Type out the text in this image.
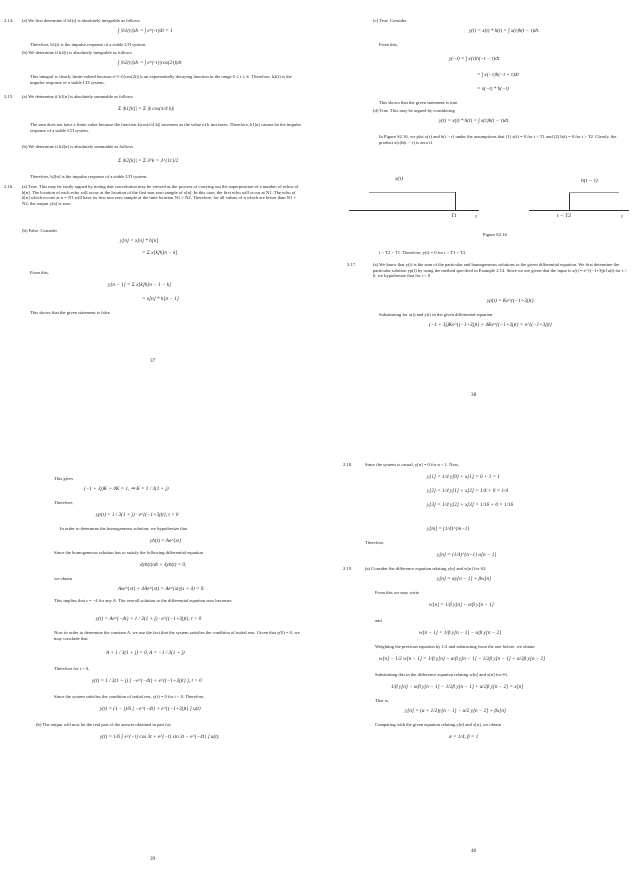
2.14. (a) We first determine if h1(t) is absolutely integrable as follows
∫ |h1(τ)|dτ = ∫ e^{-τ}dτ = 1
Therefore, h1(t) is the impulse response of a stable LTI system.
(b) We determine if h2(t) is absolutely integrable as follows
∫ |h2(τ)|dτ = ∫ e^{-τ}|cos(2τ)|dτ
This integral is clearly finite-valued because e^{-t}|cos(2t)| is an exponentially decaying function in the range 0 ≤ t ≤ ∞. Therefore, h2(t) is the impulse response of a stable LTI system.
2.15. (a) We determine if h1[n] is absolutely summable as follows
Σ |h1[k]| = Σ |k cos(π/4 k)|
The sum does not have a finite value because the function k|cos(π/4 k)| increases as the value of k increases. Therefore, h1[n] cannot be the impulse response of a stable LTI system.
(b) We determine if h2[n] is absolutely summable as follows
Σ |h2[k]| = Σ 3^k = 3^{11}/2
Therefore, h2[n] is the impulse response of a stable LTI system.
2.16. (a) True. This may be easily argued by noting that convolution may be viewed as the process of carrying out the superposition of a number of echos of h[n]. The location of each echo will occur at the location of the first non zero sample of x[n]. In this case, the first echo will occur at N1. The echo of h[n] which occurs at n = N1 will have its first non zero sample at the time location N1 + N2. Therefore, for all values of n which are lesser than N1 + N2, the output y[n] is zero.
(b) False. Consider
y[n] = x[n] * h[n]
= Σ x[k]h[n − k]
From this,
y[n − 1] = Σ x[k]h[n − 1 − k]
= x[n] * h[n − 1]
This shows that the given statement is false.
37
(c) True. Consider
y(t) = x(t) * h(t) = ∫ x(τ)h(t − τ)dτ.
From this,
y(−t) = ∫ x(τ)h(−t − τ)dτ
= ∫ x(−τ)h(−t + τ)dτ
= x(−t) * h(−t)
This shows that the given statement is true.
(d) True. This may be argued by considering
y(t) = x(t) * h(t) = ∫ x(τ)h(t − τ)dτ.
In Figure S2.16, we plot x(τ) and h(t − τ) under the assumptions that (1) x(t) = 0 for t > T1 and (2) h(t) = 0 for t > T2. Clearly, the product x(τ)h(t − τ) is zero if
x(τ)	h(t − τ)
T1	τ	t − T2	τ
Figure S2.16
t − T2 > T1. Therefore, y(t) = 0 for t > T1 + T2.
2.17.	(a) We know that y(t) is the sum of the particular and homogeneous solutions to the given differential equation. We first determine the particular solution yp(t) by using the method specified in Example 2.14. Since we are given that the input is x(t) = e^{(−1+3j)t}u(t) for t > 0, we hypothesize that for t > 0
yp(t) = Ke^{(−1+3j)t}.
Substituting for x(t) and y(t) in the given differential equation,
(−1 + 3j)Ke^{(−1+3j)t} + 4Ke^{(−1+3j)t} = e^{(−1+3j)t}
38
This gives
(−1 + 3j)K + 4K = 1, ⇒ K = 1 / 3(1 + j)
Therefore,
yp(t) = 1 / 3(1 + j) · e^{(−1+3j)t}, t > 0
In order to determine the homogeneous solution, we hypothesize that
yh(t) = Ae^{st}
Since the homogeneous solution has to satisfy the following differential equation
dyh(t)/dt + 4yh(t) = 0,
we obtain
Ase^{st} + 4Ae^{st} = Ae^{st}(s + 4) = 0.
This implies that s = −4 for any A. The overall solution to the differential equation now becomes
y(t) = Ae^{−4t} + 1 / 3(1 + j) · e^{(−1+3j)t}, t > 0
Now in order to determine the constant A, we use the fact that the system satisfies the condition of initial rest. Given that y(0) = 0, we may conclude that
A + 1 / 3(1 + j) = 0, A = −1 / 3(1 + j)
Therefore for t > 0,
y(t) = 1 / 3(1 + j) [ −e^{−4t} + e^{(−1+3j)t} ], t > 0
Since the system satisfies the condition of initial rest, y(t) = 0 for t < 0. Therefore,
y(t) = (1 − j)/6 [ −e^{−4t} + e^{(−1+3j)t} ] u(t)
(b) The output will now be the real part of the answer obtained in part (a).
y(t) = 1/6 [ e^{−t} cos 3t + e^{−t} sin 3t − e^{−4t} ] u(t).
39
2.18.	Since the system is causal, y[n] = 0 for n < 1. Now,
y[1] = 1/4 y[0] + x[1] = 0 + 1 = 1
y[2] = 1/4 y[1] + x[2] = 1/4 + 0 = 1/4
y[3] = 1/4 y[2] + x[3] = 1/16 + 0 = 1/16
y[m] = (1/4)^{m−1}
Therefore,
y[n] = (1/4)^{n−1} u[n − 1]
2.19.	(a) Consider the difference equation relating y[n] and w[n] for S2:
y[n] = αy[n − 1] + βw[n]
From this we may write
w[n] = 1/β y[n] − α/β y[n − 1]
and
w[n − 1] = 1/β y[n − 1] − α/β y[n − 2]
Weighting the previous equation by 1/2 and subtracting from the one before, we obtain
w[n] − 1/2 w[n − 1] = 1/β y[n] − α/β y[n − 1] − 1/2β y[n − 1] + α/2β y[n − 2]
Substituting this in the difference equation relating w[n] and x[n] for S1,
1/β y[n] − α/β y[n − 1] − 1/2β y[n − 1] + α/2β y[n − 2] = x[n]
That is,
y[n] = (α + 1/2)y[n − 1] − α/2 y[n − 2] + βx[n]
Comparing with the given equation relating y[n] and x[n], we obtain
α = 1/4, β = 1
40
